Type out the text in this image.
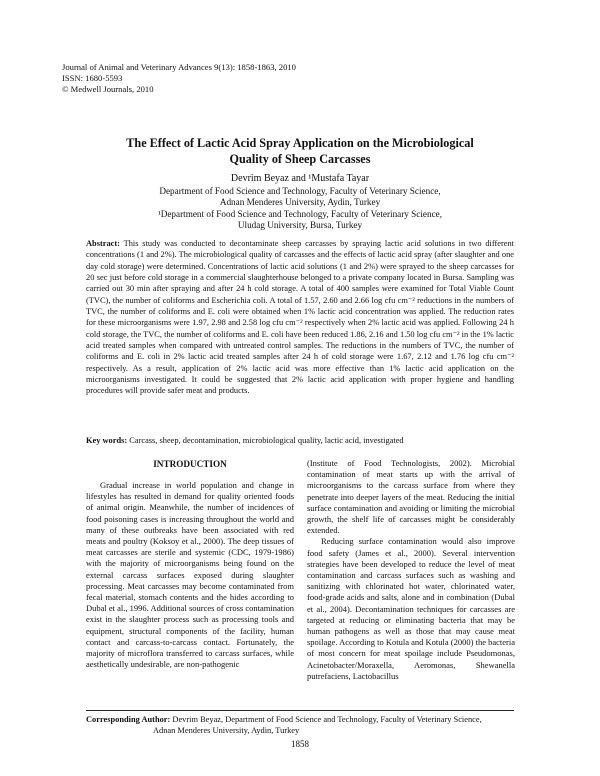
Journal of Animal and Veterinary Advances 9(13): 1858-1863, 2010
ISSN: 1680-5593
© Medwell Journals, 2010
The Effect of Lactic Acid Spray Application on the Microbiological
Quality of Sheep Carcasses
Devrim Beyaz and ¹Mustafa Tayar
Department of Food Science and Technology, Faculty of Veterinary Science,
Adnan Menderes University, Aydin, Turkey
¹Department of Food Science and Technology, Faculty of Veterinary Science,
Uludag University, Bursa, Turkey
Abstract: This study was conducted to decontaminate sheep carcasses by spraying lactic acid solutions in two different concentrations (1 and 2%). The microbiological quality of carcasses and the effects of lactic acid spray (after slaughter and one day cold storage) were determined. Concentrations of lactic acid solutions (1 and 2%) were sprayed to the sheep carcasses for 20 sec just before cold storage in a commercial slaughterhouse belonged to a private company located in Bursa. Sampling was carried out 30 min after spraying and after 24 h cold storage. A total of 400 samples were examined for Total Viable Count (TVC), the number of coliforms and Escherichia coli. A total of 1.57, 2.60 and 2.66 log cfu cm⁻² reductions in the numbers of TVC, the number of coliforms and E. coli were obtained when 1% lactic acid concentration was applied. The reduction rates for these microorganisms were 1.97, 2.98 and 2.58 log cfu cm⁻² respectively when 2% lactic acid was applied. Following 24 h cold storage, the TVC, the number of coliforms and E. coli have been reduced 1.86, 2.16 and 1.50 log cfu cm⁻² in the 1% lactic acid treated samples when compared with untreated control samples. The reductions in the numbers of TVC, the number of coliforms and E. coli in 2% lactic acid treated samples after 24 h of cold storage were 1.67, 2.12 and 1.76 log cfu cm⁻² respectively. As a result, application of 2% lactic acid was more effective than 1% lactic acid application on the microorganisms investigated. It could be suggested that 2% lactic acid application with proper hygiene and handling procedures will provide safer meat and products.
Key words: Carcass, sheep, decontamination, microbiological quality, lactic acid, investigated
INTRODUCTION

Gradual increase in world population and change in lifestyles has resulted in demand for quality oriented foods of animal origin. Meanwhile, the number of incidences of food poisoning cases is increasing throughout the world and many of these outbreaks have been associated with red meats and poultry (Koksoy et al., 2000). The deep tissues of meat carcasses are sterile and systemic (CDC, 1979-1986) with the majority of microorganisms being found on the external carcass surfaces exposed during slaughter processing. Meat carcasses may become contaminated from fecal material, stomach contents and the hides according to Dubal et al., 1996. Additional sources of cross contamination exist in the slaughter process such as processing tools and equipment, structural components of the facility, human contact and carcass-to-carcass contact. Fortunately, the majority of microflora transferred to carcass surfaces, while aesthetically undesirable, are non-pathogenic

(Institute of Food Technologists, 2002). Microbial contamination of meat starts up with the arrival of microorganisms to the carcass surface from where they penetrate into deeper layers of the meat. Reducing the initial surface contamination and avoiding or limiting the microbial growth, the shelf life of carcasses might be considerably extended.

Reducing surface contamination would also improve food safety (James et al., 2000). Several intervention strategies have been developed to reduce the level of meat contamination and carcass surfaces such as washing and sanitizing with chlorinated hot water, chlorinated water, food-grade acids and salts, alone and in combination (Dubal et al., 2004). Decontamination techniques for carcasses are targeted at reducing or eliminating bacteria that may be human pathogens as well as those that may cause meat spoilage. According to Kotula and Kotula (2000) the bacteria of most concern for meat spoilage include Pseudomonas, Acinetobacter/Moraxella, Aeromonas, Shewanella putrefaciens, Lactobacillus

Corresponding Author: Devrim Beyaz, Department of Food Science and Technology, Faculty of Veterinary Science,
Adnan Menderes University, Aydin, Turkey
1858
